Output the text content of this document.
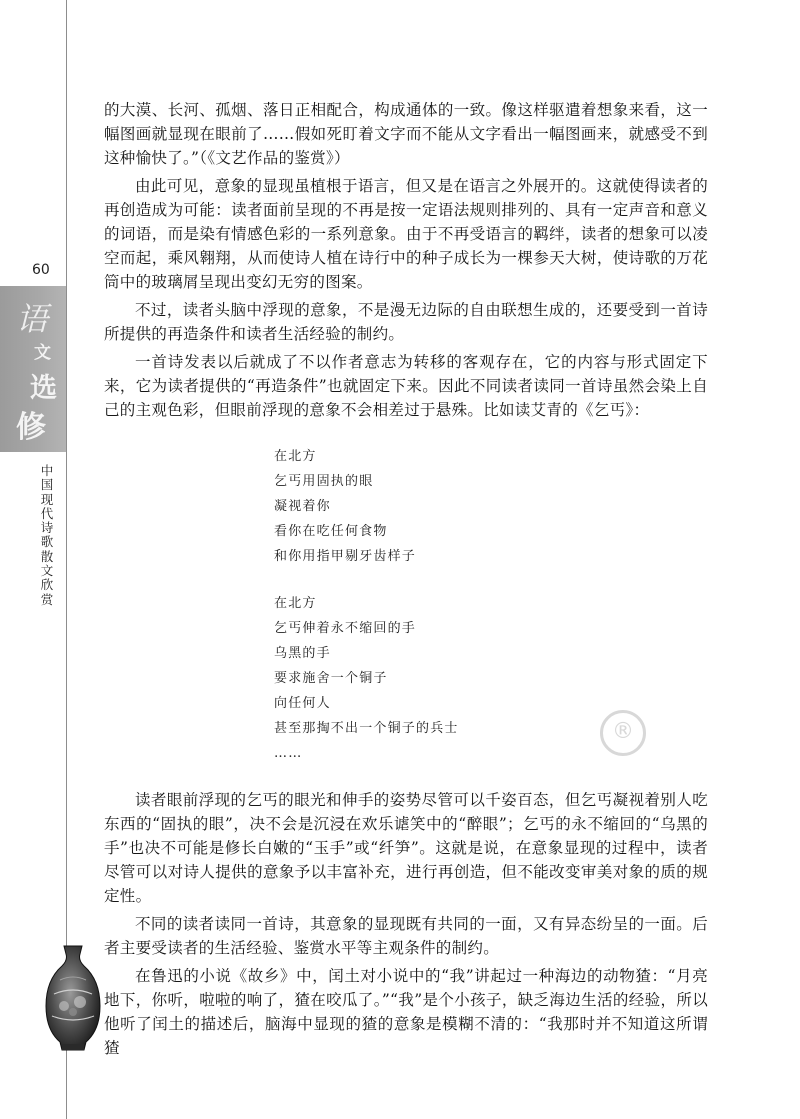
60
语
文
选
修
中
国
现
代
诗
歌
散
文
欣
赏
®

的大漠、长河、孤烟、落日正相配合，构成通体的一致。像这样驱遣着想象来看，这一幅图画就显现在眼前了……假如死盯着文字而不能从文字看出一幅图画来，就感受不到这种愉快了。”（《文艺作品的鉴赏》）

由此可见，意象的显现虽植根于语言，但又是在语言之外展开的。这就使得读者的再创造成为可能：读者面前呈现的不再是按一定语法规则排列的、具有一定声音和意义的词语，而是染有情感色彩的一系列意象。由于不再受语言的羁绊，读者的想象可以凌空而起，乘风翱翔，从而使诗人植在诗行中的种子成长为一棵参天大树，使诗歌的万花筒中的玻璃屑呈现出变幻无穷的图案。

不过，读者头脑中浮现的意象，不是漫无边际的自由联想生成的，还要受到一首诗所提供的再造条件和读者生活经验的制约。

一首诗发表以后就成了不以作者意志为转移的客观存在，它的内容与形式固定下来，它为读者提供的“再造条件”也就固定下来。因此不同读者读同一首诗虽然会染上自己的主观色彩，但眼前浮现的意象不会相差过于悬殊。比如读艾青的《乞丐》：

在北方
乞丐用固执的眼
凝视着你
看你在吃任何食物
和你用指甲剔牙齿样子
在北方
乞丐伸着永不缩回的手
乌黑的手
要求施舍一个铜子
向任何人
甚至那掏不出一个铜子的兵士
……

读者眼前浮现的乞丐的眼光和伸手的姿势尽管可以千姿百态，但乞丐凝视着别人吃东西的“固执的眼”，决不会是沉浸在欢乐谑笑中的“醉眼”；乞丐的永不缩回的“乌黑的手”也决不可能是修长白嫩的“玉手”或“纤笋”。这就是说，在意象显现的过程中，读者尽管可以对诗人提供的意象予以丰富补充，进行再创造，但不能改变审美对象的质的规定性。

不同的读者读同一首诗，其意象的显现既有共同的一面，又有异态纷呈的一面。后者主要受读者的生活经验、鉴赏水平等主观条件的制约。

在鲁迅的小说《故乡》中，闰土对小说中的“我”讲起过一种海边的动物猹：“月亮地下，你听，啦啦的响了，猹在咬瓜了。”“我”是个小孩子，缺乏海边生活的经验，所以他听了闰土的描述后，脑海中显现的猹的意象是模糊不清的：“我那时并不知道这所谓猹
